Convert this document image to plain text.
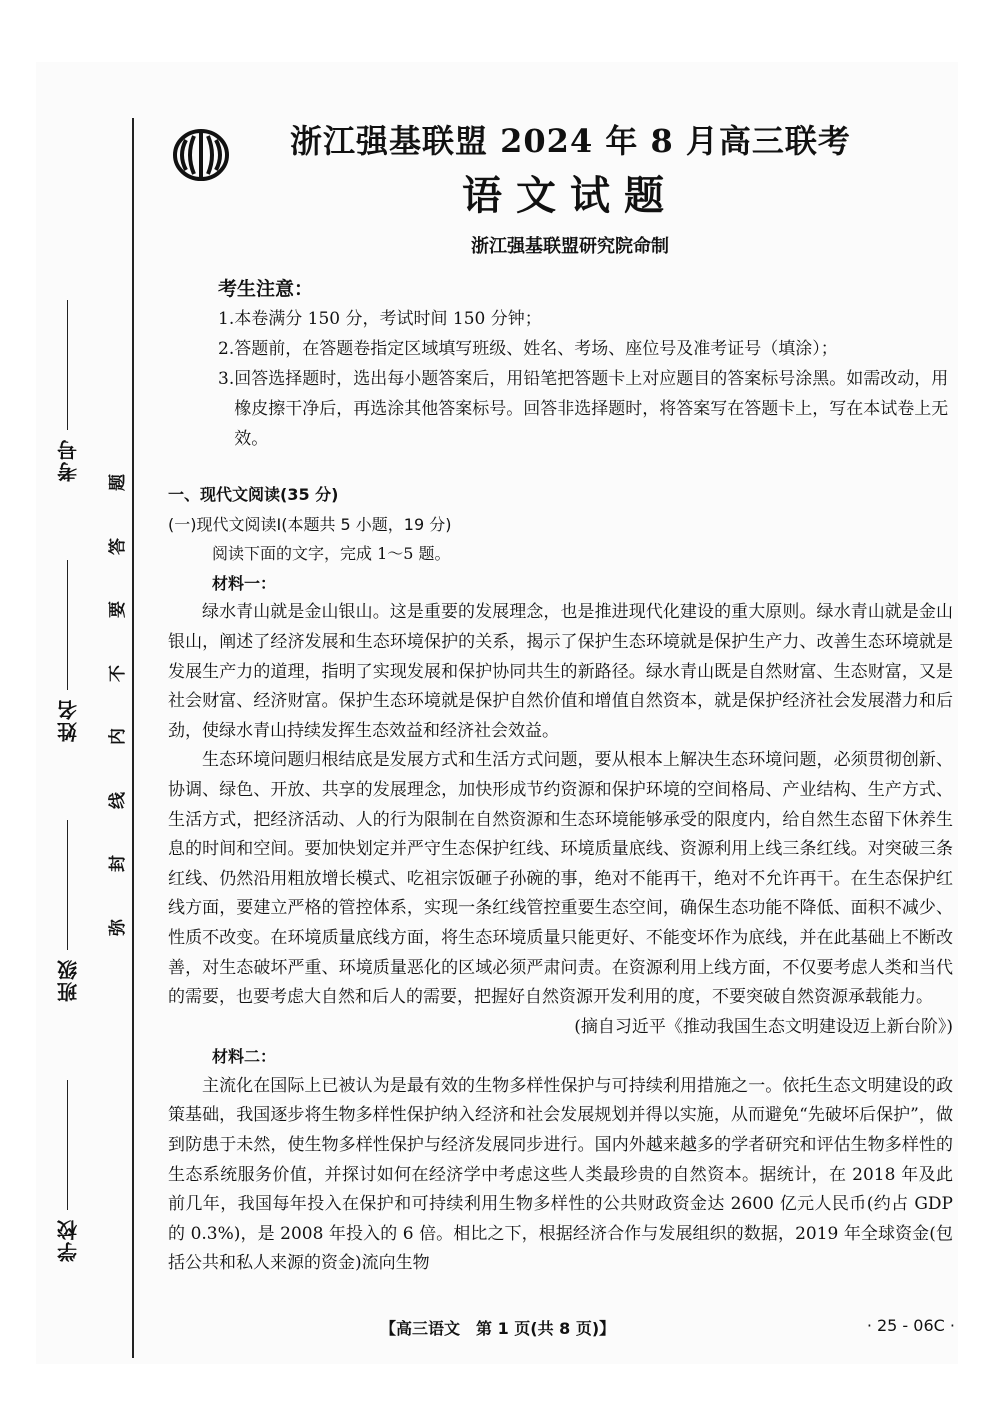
考号
姓名
班级
学校
题
答
要
不
内
线
封
弥
浙江强基联盟 2024 年 8 月高三联考
语文试题
浙江强基联盟研究院命制
考生注意：
1. 本卷满分 150 分，考试时间 150 分钟；
2. 答题前，在答题卷指定区域填写班级、姓名、考场、座位号及准考证号（填涂）；
3. 回答选择题时，选出每小题答案后，用铅笔把答题卡上对应题目的答案标号涂黑。如需改动，用橡皮擦干净后，再选涂其他答案标号。回答非选择题时，将答案写在答题卡上，写在本试卷上无效。
一、现代文阅读(35 分)
(一)现代文阅读Ⅰ(本题共 5 小题，19 分)
阅读下面的文字，完成 1～5 题。
材料一：

绿水青山就是金山银山。这是重要的发展理念，也是推进现代化建设的重大原则。绿水青山就是金山银山，阐述了经济发展和生态环境保护的关系，揭示了保护生态环境就是保护生产力、改善生态环境就是发展生产力的道理，指明了实现发展和保护协同共生的新路径。绿水青山既是自然财富、生态财富，又是社会财富、经济财富。保护生态环境就是保护自然价值和增值自然资本，就是保护经济社会发展潜力和后劲，使绿水青山持续发挥生态效益和经济社会效益。

生态环境问题归根结底是发展方式和生活方式问题，要从根本上解决生态环境问题，必须贯彻创新、协调、绿色、开放、共享的发展理念，加快形成节约资源和保护环境的空间格局、产业结构、生产方式、生活方式，把经济活动、人的行为限制在自然资源和生态环境能够承受的限度内，给自然生态留下休养生息的时间和空间。要加快划定并严守生态保护红线、环境质量底线、资源利用上线三条红线。对突破三条红线、仍然沿用粗放增长模式、吃祖宗饭砸子孙碗的事，绝对不能再干，绝对不允许再干。在生态保护红线方面，要建立严格的管控体系，实现一条红线管控重要生态空间，确保生态功能不降低、面积不减少、性质不改变。在环境质量底线方面，将生态环境质量只能更好、不能变坏作为底线，并在此基础上不断改善，对生态破坏严重、环境质量恶化的区域必须严肃问责。在资源利用上线方面，不仅要考虑人类和当代的需要，也要考虑大自然和后人的需要，把握好自然资源开发利用的度，不要突破自然资源承载能力。

(摘自习近平《推动我国生态文明建设迈上新台阶》)
材料二：

主流化在国际上已被认为是最有效的生物多样性保护与可持续利用措施之一。依托生态文明建设的政策基础，我国逐步将生物多样性保护纳入经济和社会发展规划并得以实施，从而避免“先破坏后保护”，做到防患于未然，使生物多样性保护与经济发展同步进行。国内外越来越多的学者研究和评估生物多样性的生态系统服务价值，并探讨如何在经济学中考虑这些人类最珍贵的自然资本。据统计，在 2018 年及此前几年，我国每年投入在保护和可持续利用生物多样性的公共财政资金达 2600 亿元人民币(约占 GDP 的 0.3%)，是 2008 年投入的 6 倍。相比之下，根据经济合作与发展组织的数据，2019 年全球资金(包括公共和私人来源的资金)流向生物

【高三语文　第 1 页(共 8 页)】	· 25 - 06C ·
